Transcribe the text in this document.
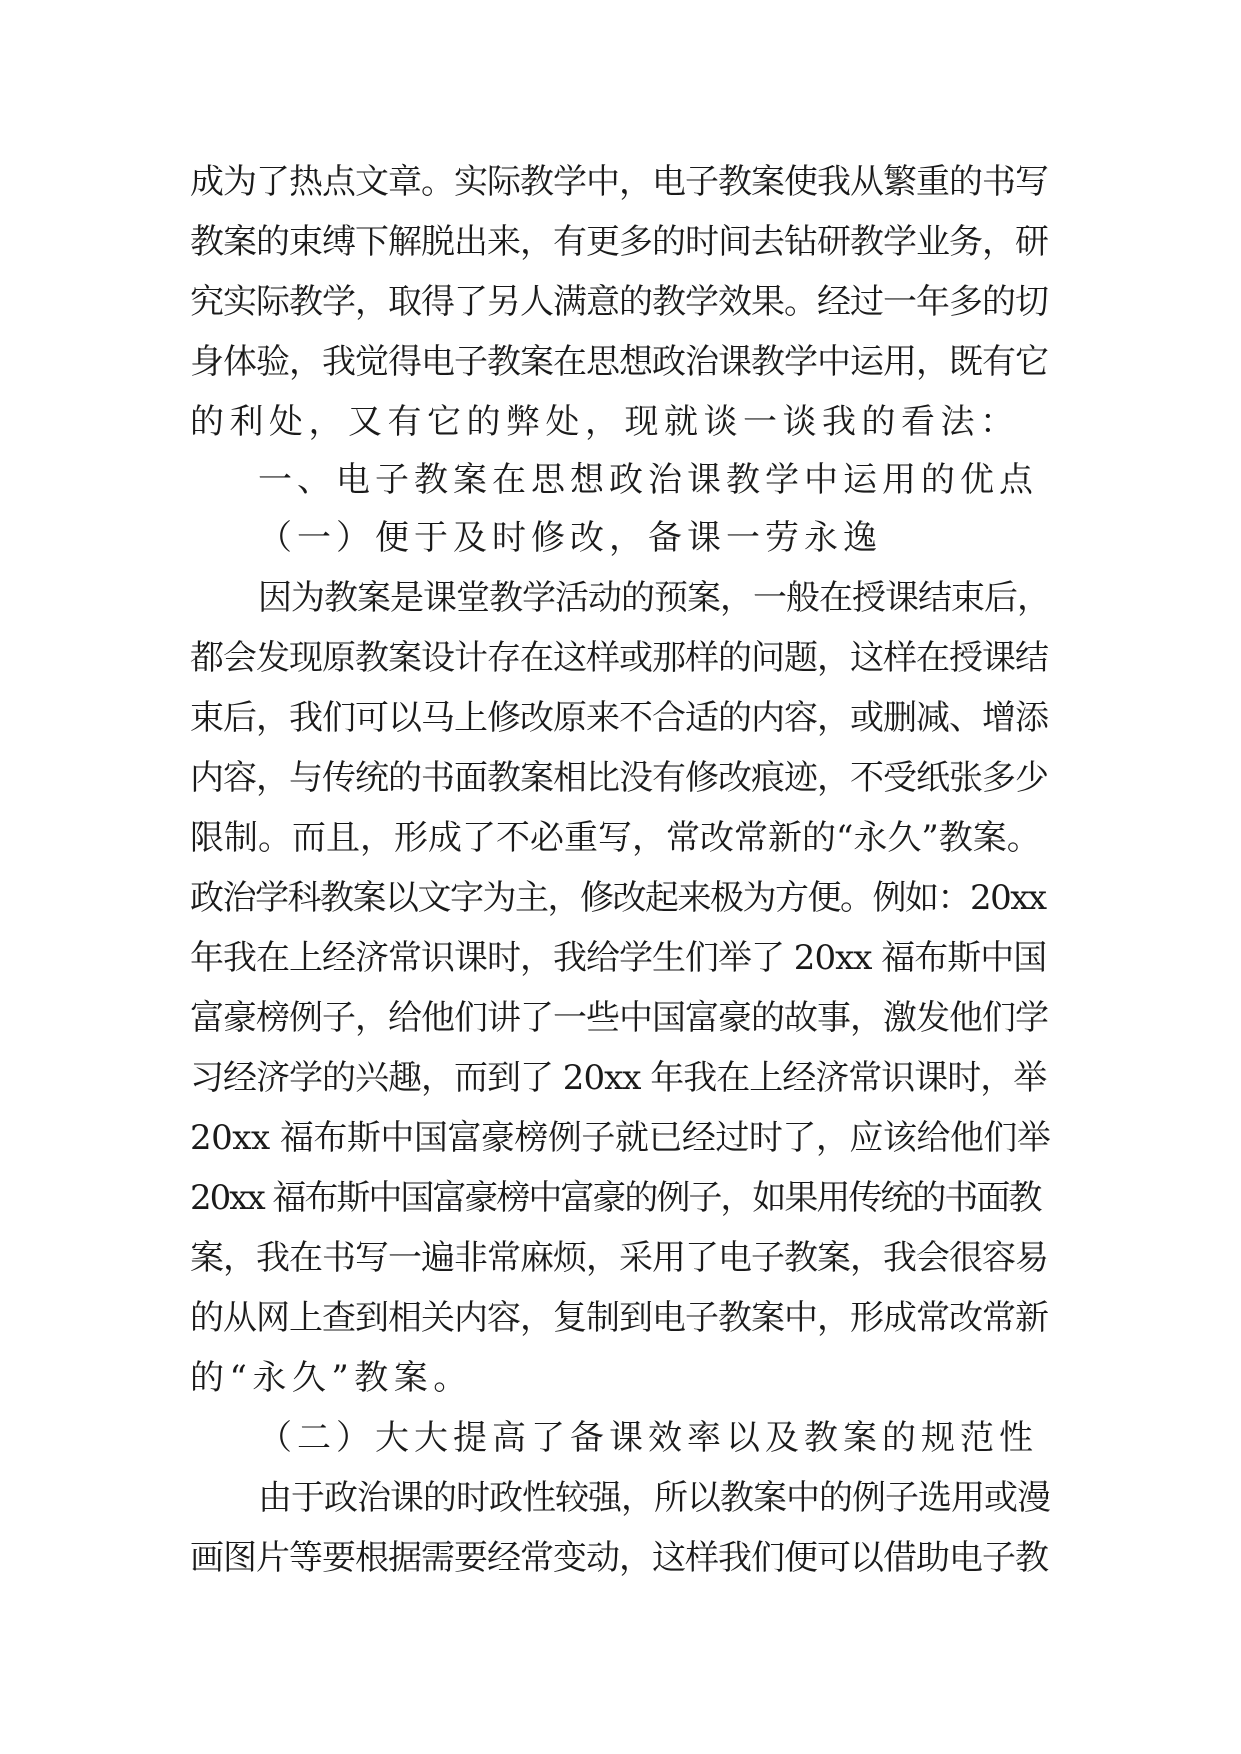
成为了热点文章。实际教学中，电子教案使我从繁重的书写
教案的束缚下解脱出来，有更多的时间去钻研教学业务，研
究实际教学，取得了另人满意的教学效果。经过一年多的切
身体验，我觉得电子教案在思想政治课教学中运用，既有它
的利处，又有它的弊处，现就谈一谈我的看法：
一、电子教案在思想政治课教学中运用的优点
（一）便于及时修改，备课一劳永逸
因为教案是课堂教学活动的预案，一般在授课结束后，
都会发现原教案设计存在这样或那样的问题，这样在授课结
束后，我们可以马上修改原来不合适的内容，或删减、增添
内容，与传统的书面教案相比没有修改痕迹，不受纸张多少
限制。而且，形成了不必重写，常改常新的“永久”教案。
政治学科教案以文字为主，修改起来极为方便。例如：20xx
年我在上经济常识课时，我给学生们举了 20xx 福布斯中国
富豪榜例子，给他们讲了一些中国富豪的故事，激发他们学
习经济学的兴趣，而到了 20xx 年我在上经济常识课时，举
20xx 福布斯中国富豪榜例子就已经过时了，应该给他们举
20xx 福布斯中国富豪榜中富豪的例子，如果用传统的书面教
案，我在书写一遍非常麻烦，采用了电子教案，我会很容易
的从网上查到相关内容，复制到电子教案中，形成常改常新
的“永久”教案。
（二）大大提高了备课效率以及教案的规范性
由于政治课的时政性较强，所以教案中的例子选用或漫
画图片等要根据需要经常变动，这样我们便可以借助电子教
